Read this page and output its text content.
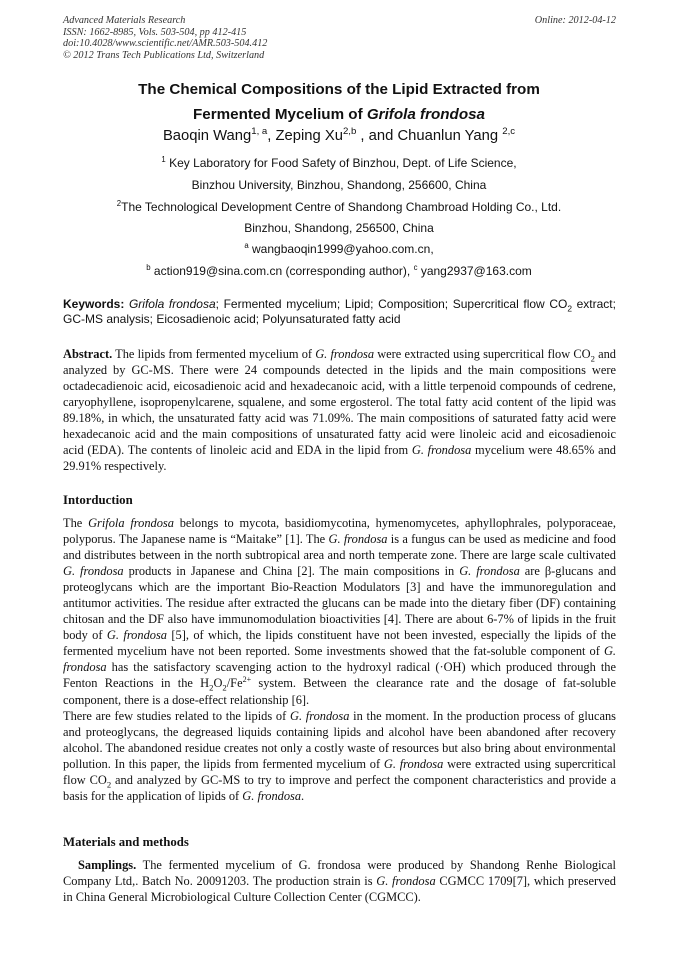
Advanced Materials Research
ISSN: 1662-8985, Vols. 503-504, pp 412-415
doi:10.4028/www.scientific.net/AMR.503-504.412
© 2012 Trans Tech Publications Ltd, Switzerland
Online: 2012-04-12
The Chemical Compositions of the Lipid Extracted from
Fermented Mycelium of Grifola frondosa
Baoqin Wang$^{1, a}$, Zeping Xu$^{2,b}$ , and Chuanlun Yang $^{2,c}$
$^1$ Key Laboratory for Food Safety of Binzhou, Dept. of Life Science,
Binzhou University, Binzhou, Shandong, 256600, China
$^2$The Technological Development Centre of Shandong Chambroad Holding Co., Ltd.
Binzhou, Shandong, 256500, China
$^a$ wangbaoqin1999@yahoo.com.cn,
$^b$ action919@sina.com.cn (corresponding author), $^c$ yang2937@163.com
Keywords: Grifola frondosa; Fermented mycelium; Lipid; Composition; Supercritical flow $CO_2$ extract; GC-MS analysis; Eicosadienoic acid; Polyunsaturated fatty acid
Abstract. The lipids from fermented mycelium of G. frondosa were extracted using supercritical flow $CO_2$ and analyzed by GC-MS. There were 24 compounds detected in the lipids and the main compositions were octadecadienoic acid, eicosadienoic acid and hexadecanoic acid, with a little terpenoid compounds of cedrene, caryophyllene, isopropenylcarene, squalene, and some ergosterol. The total fatty acid content of the lipid was 89.18%, in which, the unsaturated fatty acid was 71.09%. The main compositions of saturated fatty acid were hexadecanoic acid and the main compositions of unsaturated fatty acid were linoleic acid and eicosadienoic acid (EDA). The contents of linoleic acid and EDA in the lipid from G. frondosa mycelium were 48.65% and 29.91% respectively.
Intorduction
The Grifola frondosa belongs to mycota, basidiomycotina, hymenomycetes, aphyllophrales, polyporaceae, polyporus. The Japanese name is “Maitake” [1]. The G. frondosa is a fungus can be used as medicine and food and distributes between in the north subtropical area and north temperate zone. There are large scale cultivated G. frondosa products in Japanese and China [2]. The main compositions in G. frondosa are β-glucans and proteoglycans which are the important Bio-Reaction Modulators [3] and have the immunoregulation and antitumor activities. The residue after extracted the glucans can be made into the dietary fiber (DF) containing chitosan and the DF also have immunomodulation bioactivities [4]. There are about 6-7% of lipids in the fruit body of G. frondosa [5], of which, the lipids constituent have not been invested, especially the lipids of the fermented mycelium have not been reported. Some investments showed that the fat-soluble component of G. frondosa has the satisfactory scavenging action to the hydroxyl radical (·OH) which produced through the Fenton Reactions in the $H_2O_2/Fe^{2+}$ system. Between the clearance rate and the dosage of fat-soluble component, there is a dose-effect relationship [6].
There are few studies related to the lipids of G. frondosa in the moment. In the production process of glucans and proteoglycans, the degreased liquids containing lipids and alcohol have been abandoned after recovery alcohol. The abandoned residue creates not only a costly waste of resources but also bring about environmental pollution. In this paper, the lipids from fermented mycelium of G. frondosa were extracted using supercritical flow $CO_2$ and analyzed by GC-MS to try to improve and perfect the component characteristics and provide a basis for the application of lipids of G. frondosa.
Materials and methods
Samplings. The fermented mycelium of G. frondosa were produced by Shandong Renhe Biological Company Ltd,. Batch No. 20091203. The production strain is G. frondosa CGMCC 1709[7], which preserved in China General Microbiological Culture Collection Center (CGMCC).
